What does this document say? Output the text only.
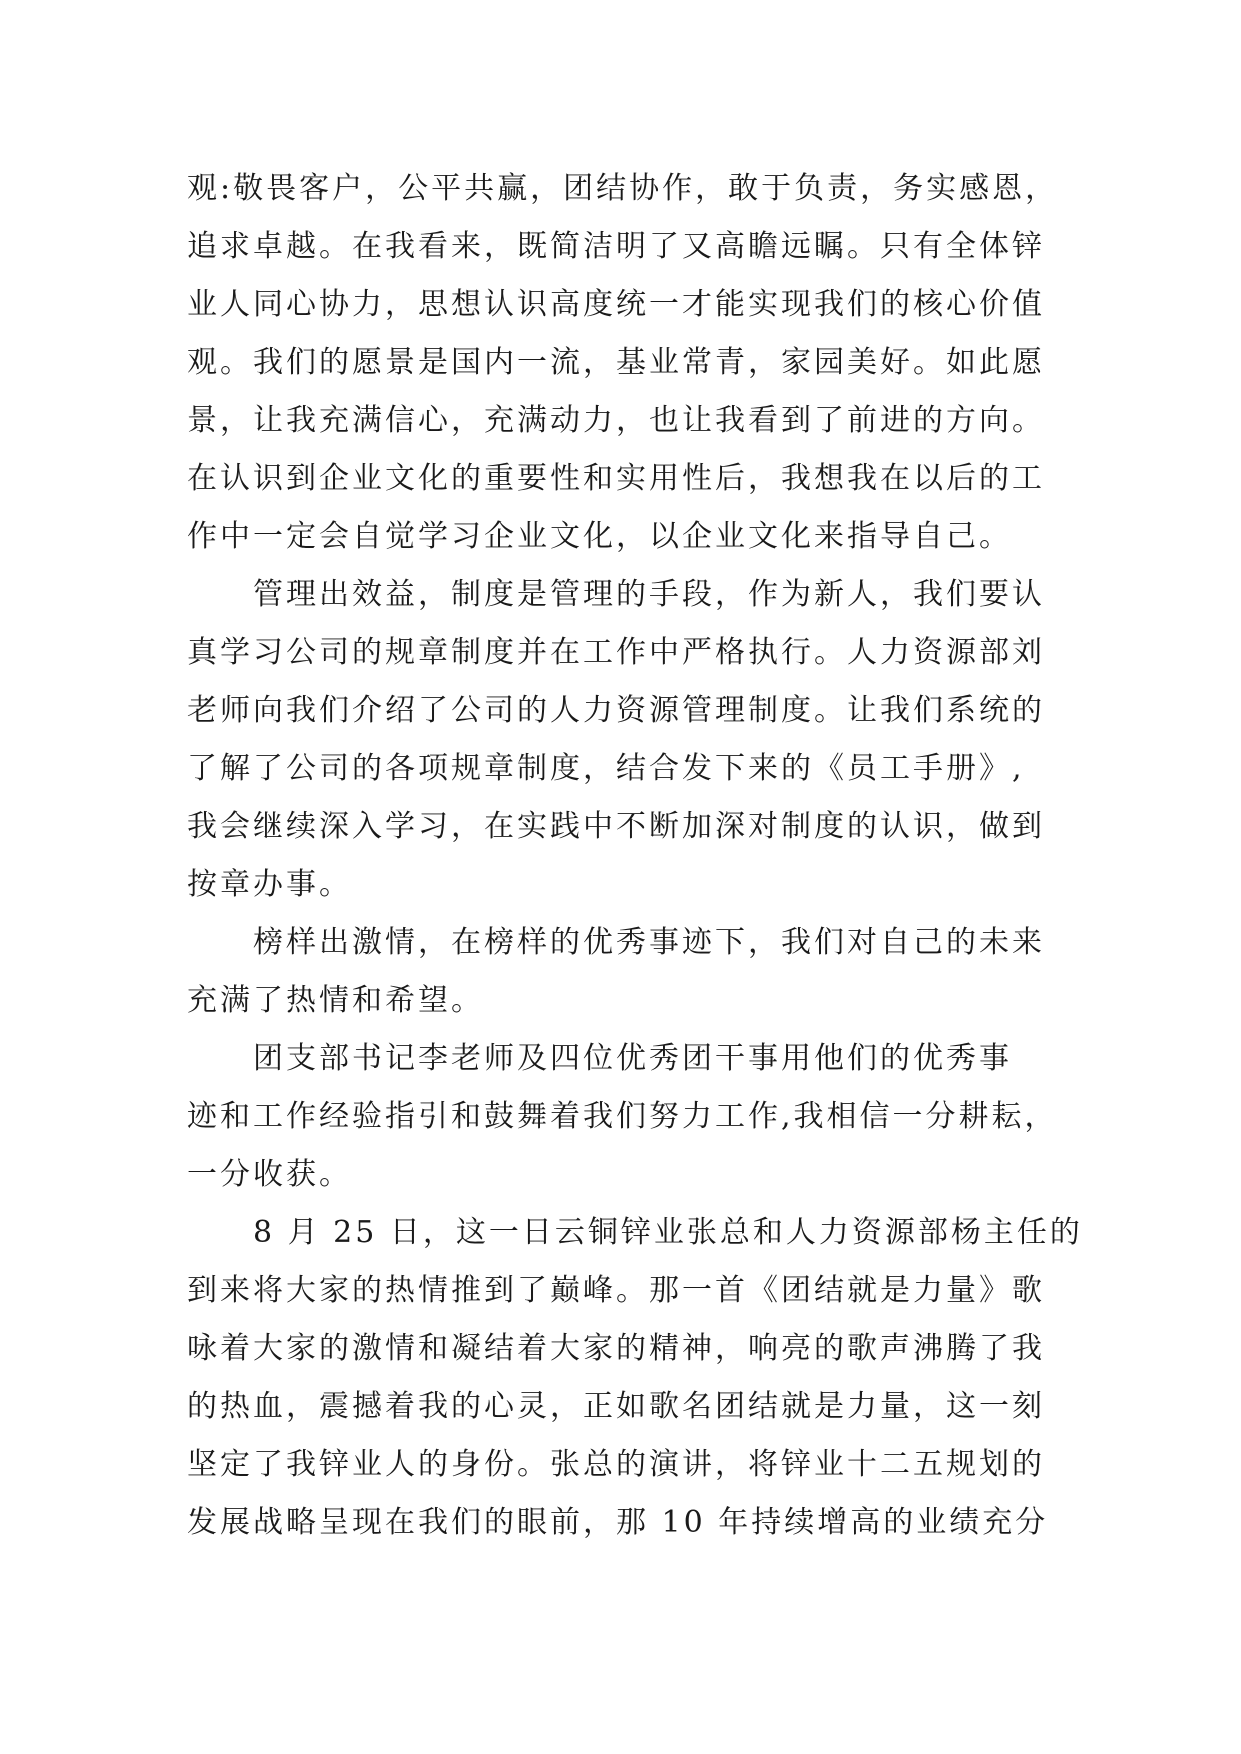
观:敬畏客户，公平共赢，团结协作，敢于负责，务实感恩，
追求卓越。在我看来，既简洁明了又高瞻远瞩。只有全体锌
业人同心协力，思想认识高度统一才能实现我们的核心价值
观。我们的愿景是国内一流，基业常青，家园美好。如此愿
景，让我充满信心，充满动力，也让我看到了前进的方向。
在认识到企业文化的重要性和实用性后，我想我在以后的工
作中一定会自觉学习企业文化，以企业文化来指导自己。
管理出效益，制度是管理的手段，作为新人，我们要认
真学习公司的规章制度并在工作中严格执行。人力资源部刘
老师向我们介绍了公司的人力资源管理制度。让我们系统的
了解了公司的各项规章制度，结合发下来的《员工手册》,
我会继续深入学习，在实践中不断加深对制度的认识，做到
按章办事。
榜样出激情，在榜样的优秀事迹下，我们对自己的未来
充满了热情和希望。
团支部书记李老师及四位优秀团干事用他们的优秀事
迹和工作经验指引和鼓舞着我们努力工作,我相信一分耕耘，
一分收获。
8 月 25 日，这一日云铜锌业张总和人力资源部杨主任的
到来将大家的热情推到了巅峰。那一首《团结就是力量》歌
咏着大家的激情和凝结着大家的精神，响亮的歌声沸腾了我
的热血，震撼着我的心灵，正如歌名团结就是力量，这一刻
坚定了我锌业人的身份。张总的演讲，将锌业十二五规划的
发展战略呈现在我们的眼前，那 10 年持续增高的业绩充分
